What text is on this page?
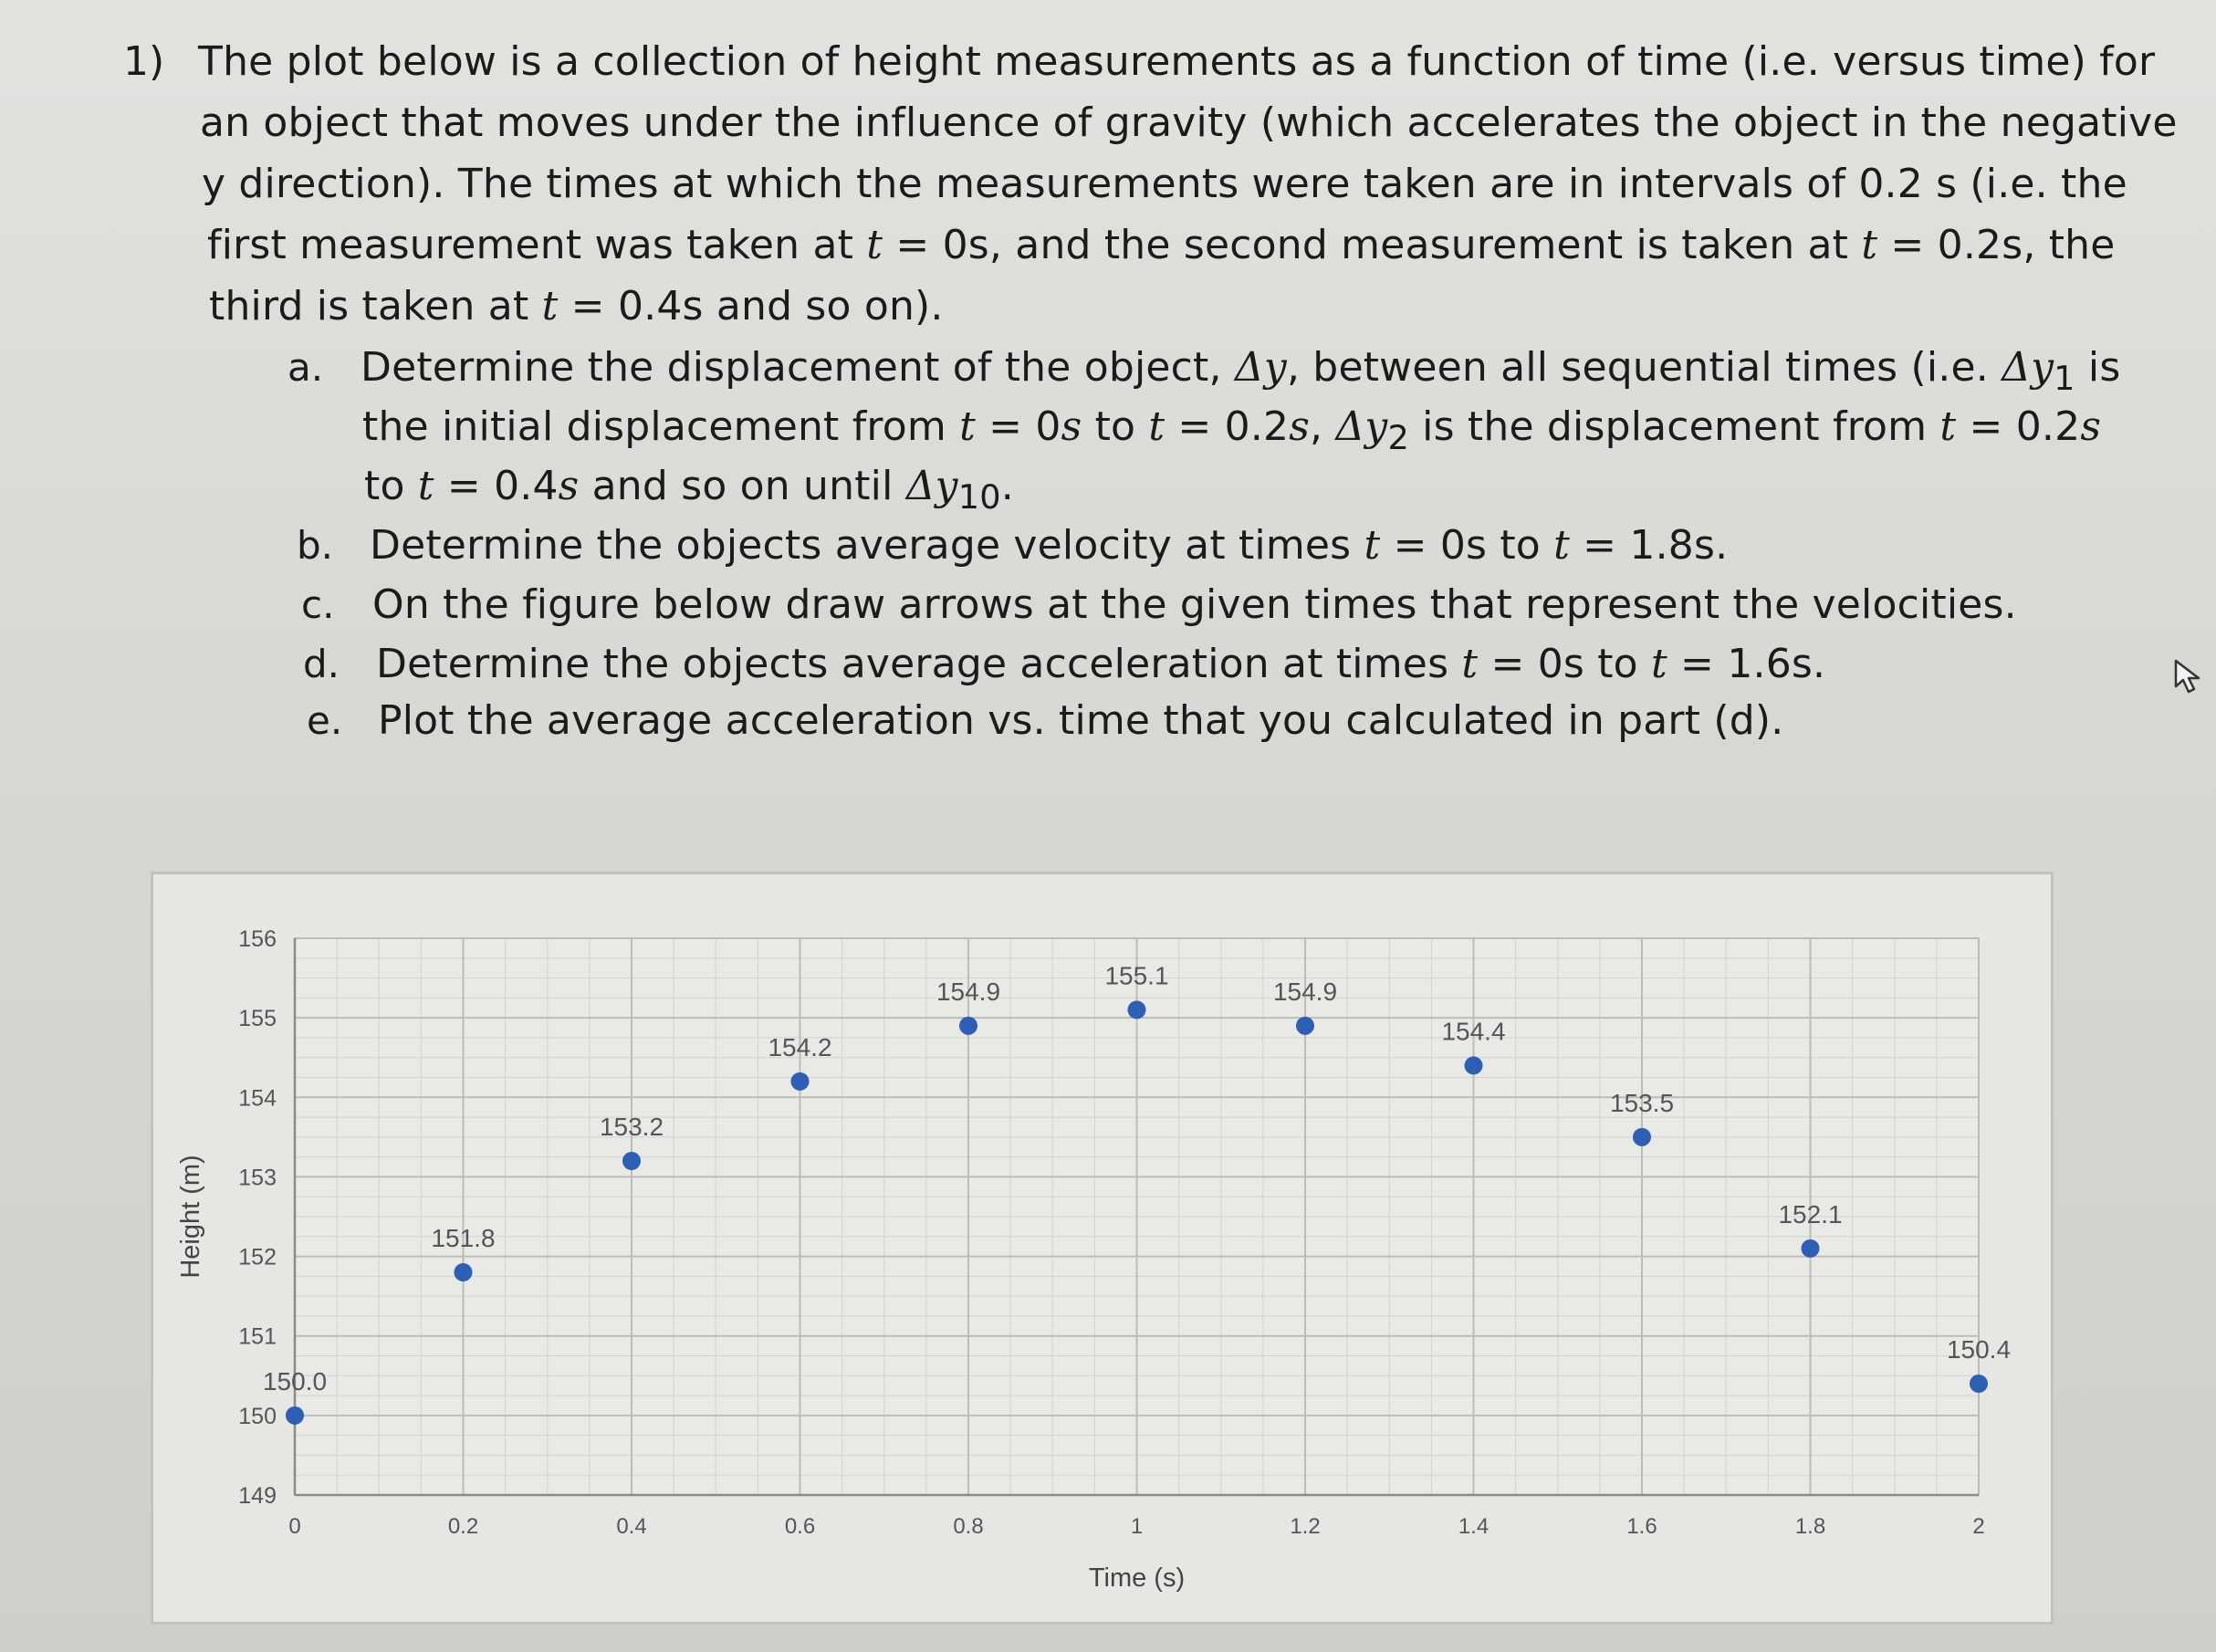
1) The plot below is a collection of height measurements as a function of time (i.e. versus time) for
an object that moves under the influence of gravity (which accelerates the object in the negative
y direction). The times at which the measurements were taken are in intervals of 0.2 s (i.e. the
first measurement was taken at t = 0s, and the second measurement is taken at t = 0.2s, the
third is taken at t = 0.4s and so on).
a. Determine the displacement of the object, Δy, between all sequential times (i.e. $\Delta y_1$ is
the initial displacement from t = 0s to t = 0.2s, $\Delta y_2$ is the displacement from t = 0.2s
to t = 0.4s and so on until $\Delta y_{10}$.
b. Determine the objects average velocity at times t = 0s to t = 1.8s.
c. On the figure below draw arrows at the given times that represent the velocities.
d. Determine the objects average acceleration at times t = 0s to t = 1.6s.
e. Plot the average acceleration vs. time that you calculated in part (d).
0	0.2	0.4	0.6	0.8	1	1.2	1.4	1.6	1.8	2
149
150
151
152
153
154
155
156
Time (s)
Height (m)
150.0
151.8
153.2
154.2
154.9
155.1
154.9
154.4
153.5
152.1
150.4
